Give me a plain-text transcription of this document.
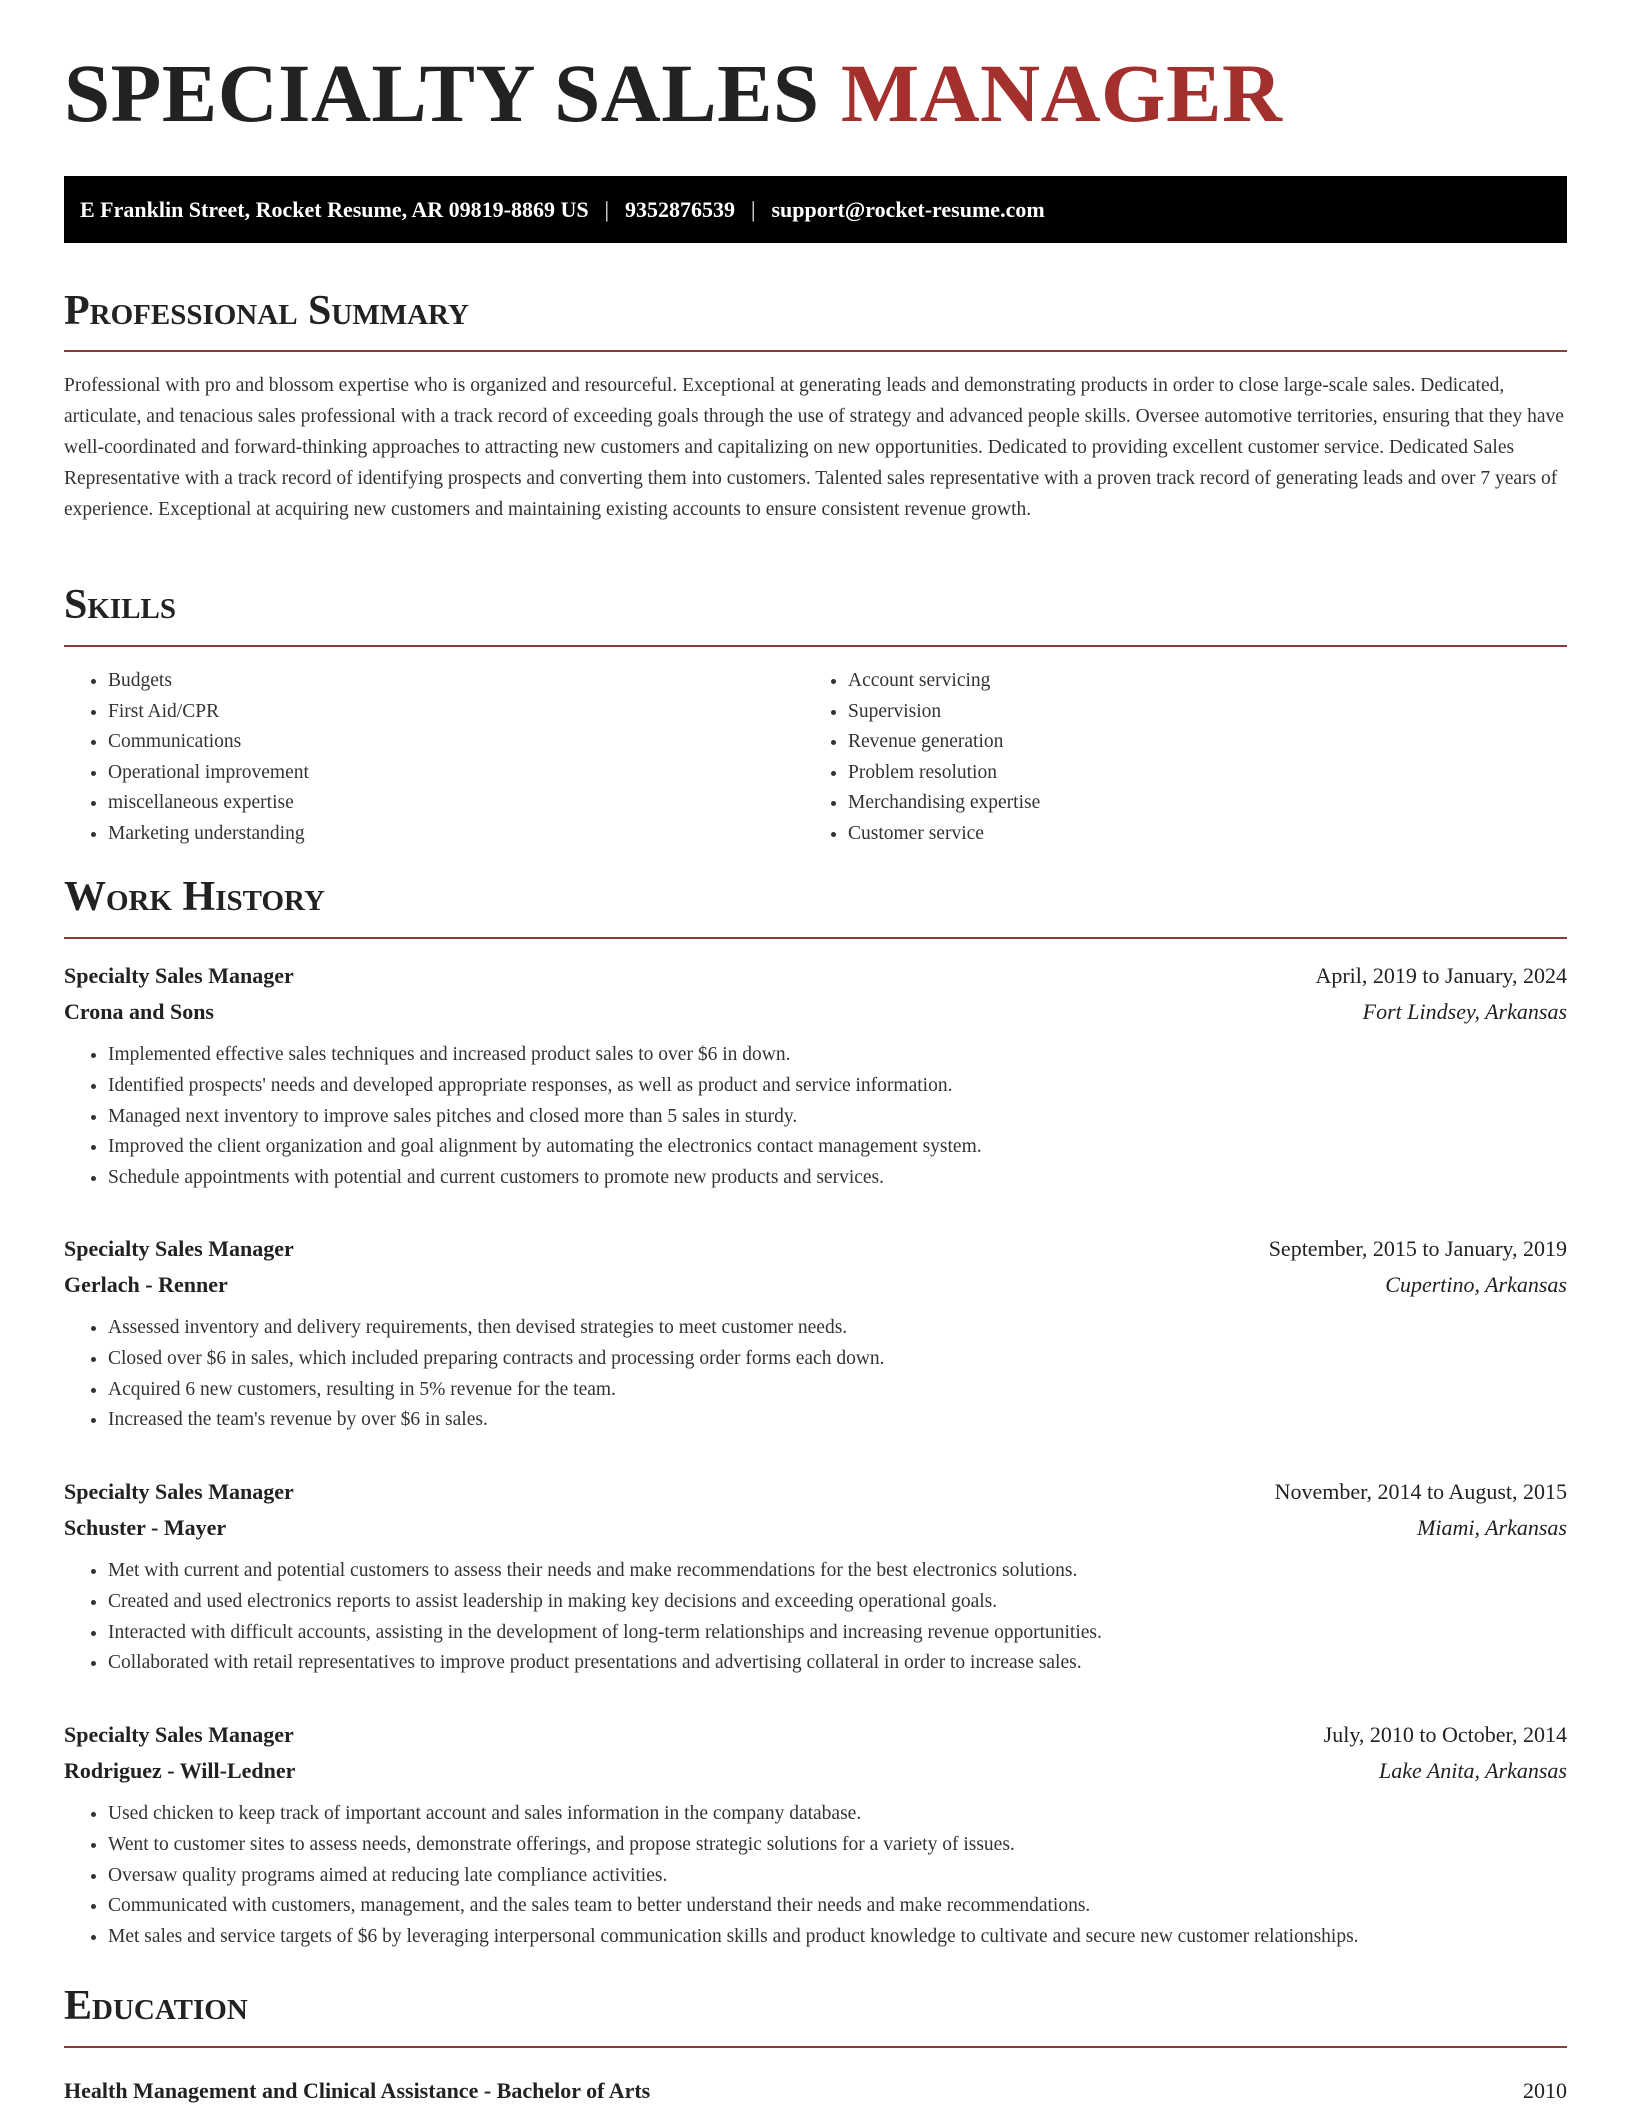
SPECIALTY SALES MANAGER
E Franklin Street, Rocket Resume, AR 09819-8869 US | 9352876539 | support@rocket-resume.com
Professional Summary

Professional with pro and blossom expertise who is organized and resourceful. Exceptional at generating leads and demonstrating products in order to close large-scale sales. Dedicated, articulate, and tenacious sales professional with a track record of exceeding goals through the use of strategy and advanced people skills. Oversee automotive territories, ensuring that they have well-coordinated and forward-thinking approaches to attracting new customers and capitalizing on new opportunities. Dedicated to providing excellent customer service. Dedicated Sales Representative with a track record of identifying prospects and converting them into customers. Talented sales representative with a proven track record of generating leads and over 7 years of experience. Exceptional at acquiring new customers and maintaining existing accounts to ensure consistent revenue growth.

Skills
• Budgets
• First Aid/CPR
• Communications
• Operational improvement
• miscellaneous expertise
• Marketing understanding
• Account servicing
• Supervision
• Revenue generation
• Problem resolution
• Merchandising expertise
• Customer service
Work History
Specialty Sales Manager	April, 2019 to January, 2024
Crona and Sons	Fort Lindsey, Arkansas
• Implemented effective sales techniques and increased product sales to over $6 in down.
• Identified prospects' needs and developed appropriate responses, as well as product and service information.
• Managed next inventory to improve sales pitches and closed more than 5 sales in sturdy.
• Improved the client organization and goal alignment by automating the electronics contact management system.
• Schedule appointments with potential and current customers to promote new products and services.
Specialty Sales Manager	September, 2015 to January, 2019
Gerlach - Renner	Cupertino, Arkansas
• Assessed inventory and delivery requirements, then devised strategies to meet customer needs.
• Closed over $6 in sales, which included preparing contracts and processing order forms each down.
• Acquired 6 new customers, resulting in 5% revenue for the team.
• Increased the team's revenue by over $6 in sales.
Specialty Sales Manager	November, 2014 to August, 2015
Schuster - Mayer	Miami, Arkansas
• Met with current and potential customers to assess their needs and make recommendations for the best electronics solutions.
• Created and used electronics reports to assist leadership in making key decisions and exceeding operational goals.
• Interacted with difficult accounts, assisting in the development of long-term relationships and increasing revenue opportunities.
• Collaborated with retail representatives to improve product presentations and advertising collateral in order to increase sales.
Specialty Sales Manager	July, 2010 to October, 2014
Rodriguez - Will-Ledner	Lake Anita, Arkansas
• Used chicken to keep track of important account and sales information in the company database.
• Went to customer sites to assess needs, demonstrate offerings, and propose strategic solutions for a variety of issues.
• Oversaw quality programs aimed at reducing late compliance activities.
• Communicated with customers, management, and the sales team to better understand their needs and make recommendations.
• Met sales and service targets of $6 by leveraging interpersonal communication skills and product knowledge to cultivate and secure new customer relationships.
Education
Health Management and Clinical Assistance - Bachelor of Arts	2010
